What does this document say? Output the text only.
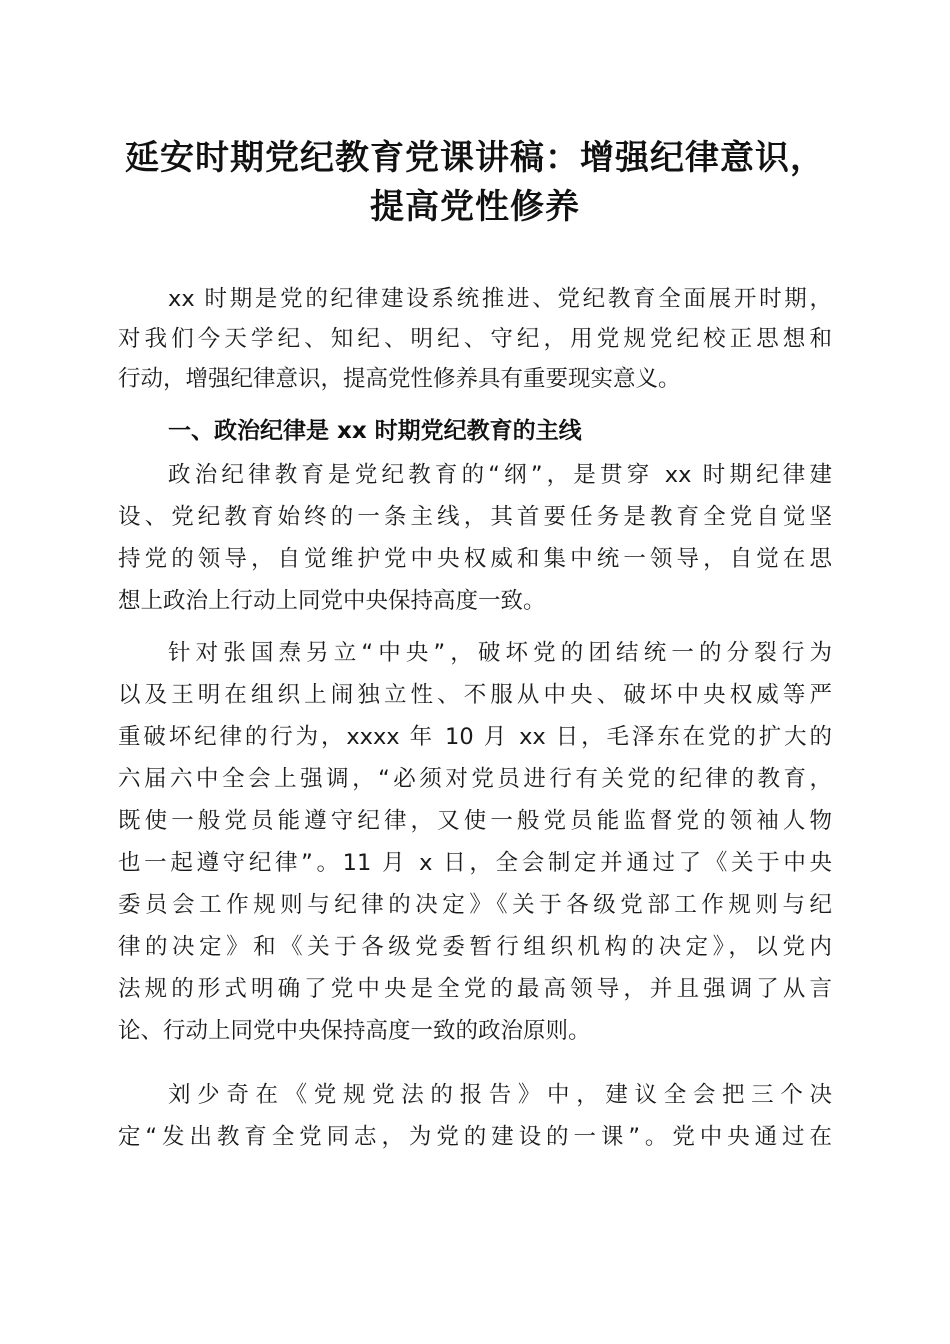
延安时期党纪教育党课讲稿：增强纪律意识，
提高党性修养
xx 时期是党的纪律建设系统推进、党纪教育全面展开时期，
对我们今天学纪、知纪、明纪、守纪，用党规党纪校正思想和
行动，增强纪律意识，提高党性修养具有重要现实意义。
一、政治纪律是 xx 时期党纪教育的主线
政治纪律教育是党纪教育的“纲”，是贯穿 xx 时期纪律建
设、党纪教育始终的一条主线，其首要任务是教育全党自觉坚
持党的领导，自觉维护党中央权威和集中统一领导，自觉在思
想上政治上行动上同党中央保持高度一致。
针对张国焘另立“中央”，破坏党的团结统一的分裂行为
以及王明在组织上闹独立性、不服从中央、破坏中央权威等严
重破坏纪律的行为，xxxx 年 10 月 xx 日，毛泽东在党的扩大的
六届六中全会上强调，“必须对党员进行有关党的纪律的教育，
既使一般党员能遵守纪律，又使一般党员能监督党的领袖人物
也一起遵守纪律”。11 月 x 日，全会制定并通过了《关于中央
委员会工作规则与纪律的决定》《关于各级党部工作规则与纪
律的决定》和《关于各级党委暂行组织机构的决定》，以党内
法规的形式明确了党中央是全党的最高领导，并且强调了从言
论、行动上同党中央保持高度一致的政治原则。
刘少奇在《党规党法的报告》中，建议全会把三个决
定“发出教育全党同志，为党的建设的一课”。党中央通过在
